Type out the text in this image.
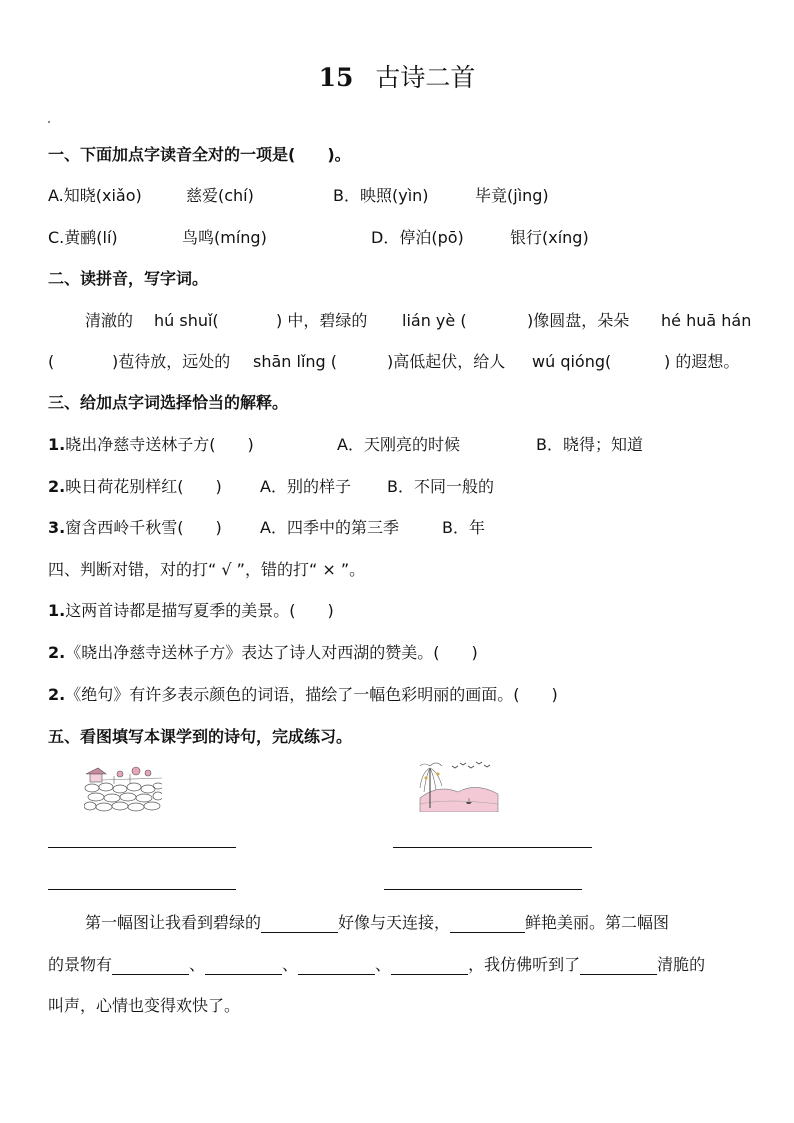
15 古诗二首
一、下面加点字读音全对的一项是(　　)。
A.知晓(xiǎo)	慈爱(chí)	B．映照(yìn)	毕竟(jìng)
C.黄鹂(lí)	鸟鸣(míng)	D．停泊(pō)	银行(xíng)
二、读拼音，写字词。
清澈的 hú shuǐ(	) 中，碧绿的 lián yè (	)像圆盘，朵朵 hé huā hán
(	)苞待放，远处的 shān lǐng (	)高低起伏，给人 wú qióng(	) 的遐想。
三、给加点字词选择恰当的解释。
1.晓出净慈寺送林子方(　　)	A．天刚亮的时候	B．晓得；知道
2.映日荷花别样红(　　) A．别的样子 B．不同一般的
3.窗含西岭千秋雪(　　) A．四季中的第三季	B．年
四、判断对错，对的打“ √ ”，错的打“ × ”。
1.这两首诗都是描写夏季的美景。(　　)
2.《晓出净慈寺送林子方》表达了诗人对西湖的赞美。(　　)
2.《绝句》有许多表示颜色的词语，描绘了一幅色彩明丽的画面。(　　)
五、看图填写本课学到的诗句，完成练习。
第一幅图让我看到碧绿的	好像与天连接，	鲜艳美丽。第二幅图
的景物有	、	、	、	，我仿佛听到了	清脆的
叫声，心情也变得欢快了。
